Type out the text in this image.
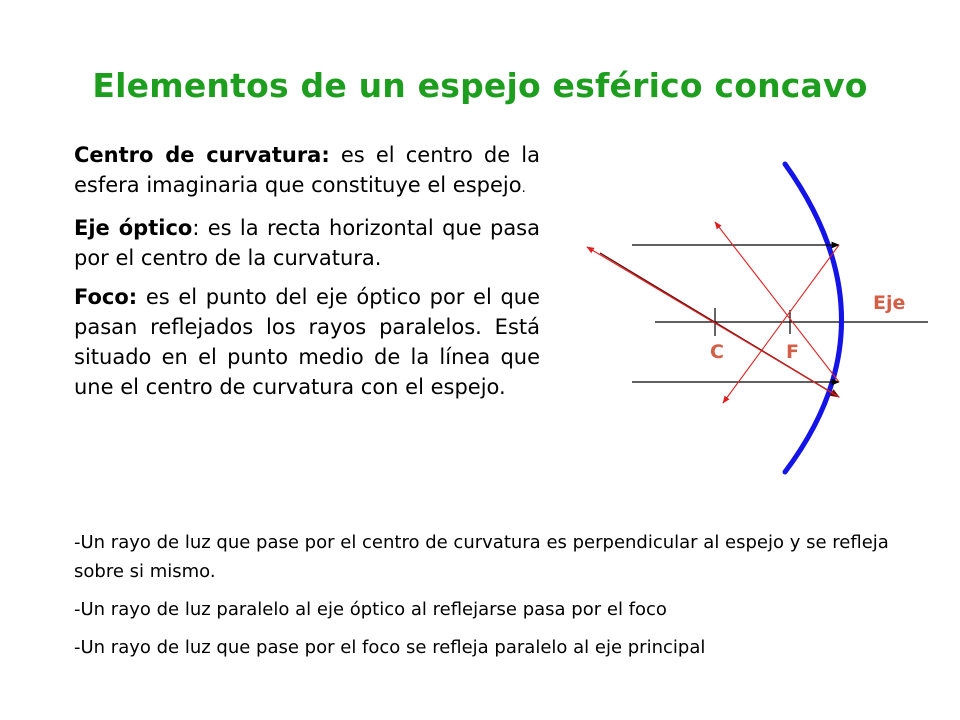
Elementos de un espejo esférico concavo

Centro de curvatura: es el centro de la esfera imaginaria que constituye el espejo.

Eje óptico: es la recta horizontal que pasa por el centro de la curvatura.

Foco: es el punto del eje óptico por el que pasan reflejados los rayos paralelos. Está situado en el punto medio de la línea que une el centro de curvatura con el espejo.

Eje
C	F

-Un rayo de luz que pase por el centro de curvatura es perpendicular al espejo y se refleja sobre si mismo.

-Un rayo de luz paralelo al eje óptico al reflejarse pasa por el foco

-Un rayo de luz que pase por el foco se refleja paralelo al eje principal
